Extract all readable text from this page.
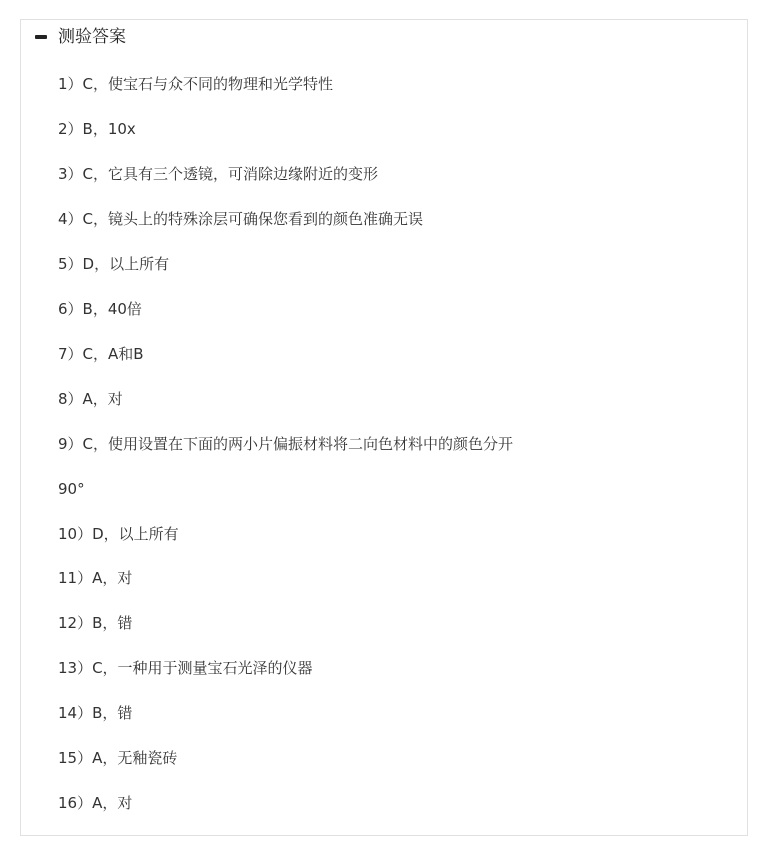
测验答案
1）C，使宝石与众不同的物理和光学特性
2）B，10x
3）C，它具有三个透镜，可消除边缘附近的变形
4）C，镜头上的特殊涂层可确保您看到的颜色准确无误
5）D，以上所有
6）B，40倍
7）C，A和B
8）A，对
9）C，使用设置在下面的两小片偏振材料将二向色材料中的颜色分开
90°
10）D，以上所有
11）A，对
12）B，错
13）C，一种用于测量宝石光泽的仪器
14）B，错
15）A，无釉瓷砖
16）A，对
